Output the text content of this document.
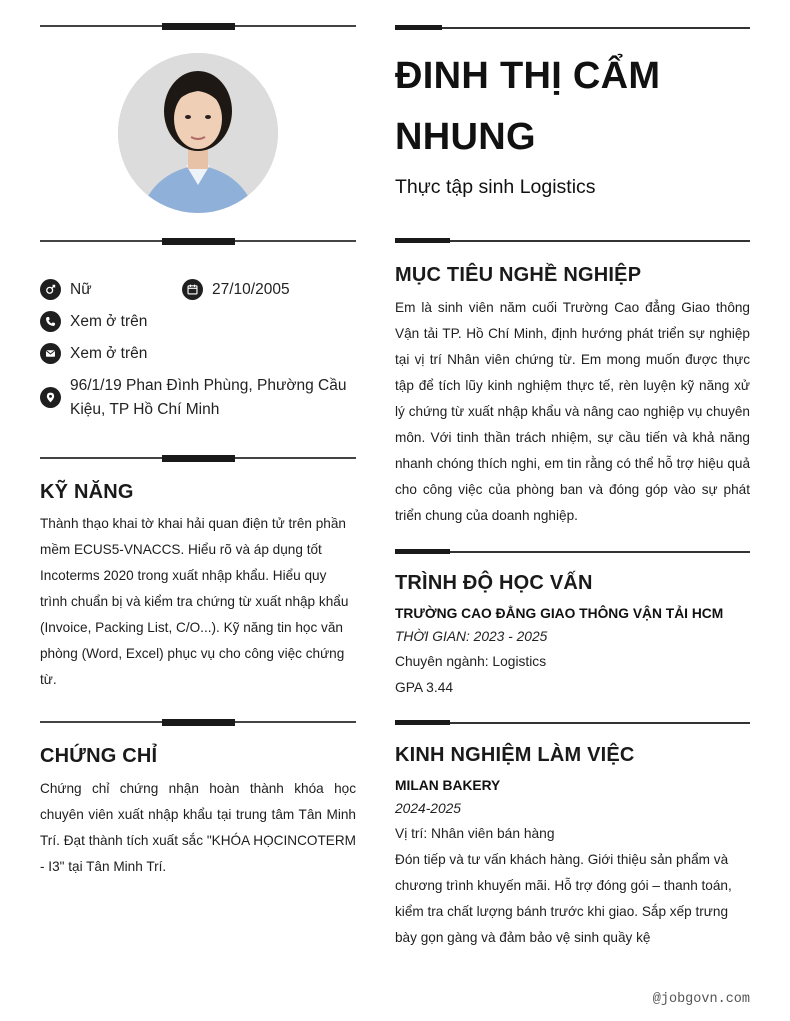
Nữ	27/10/2005
Xem ở trên
Xem ở trên
96/1/19 Phan Đình Phùng, Phường Cầu Kiệu, TP Hồ Chí Minh
KỸ NĂNG
Thành thạo khai tờ khai hải quan điện tử trên phần mềm ECUS5-VNACCS. Hiểu rõ và áp dụng tốt Incoterms 2020 trong xuất nhập khẩu. Hiểu quy trình chuẩn bị và kiểm tra chứng từ xuất nhập khẩu (Invoice, Packing List, C/O...). Kỹ năng tin học văn phòng (Word, Excel) phục vụ cho công việc chứng từ.
CHỨNG CHỈ
Chứng chỉ chứng nhận hoàn thành khóa học chuyên viên xuất nhập khẩu tại trung tâm Tân Minh Trí. Đạt thành tích xuất sắc "KHÓA HỌCINCOTERM - I3" tại Tân Minh Trí.
ĐINH THỊ CẨM NHUNG
Thực tập sinh Logistics
MỤC TIÊU NGHỀ NGHIỆP
Em là sinh viên năm cuối Trường Cao đẳng Giao thông Vận tải TP. Hồ Chí Minh, định hướng phát triển sự nghiệp tại vị trí Nhân viên chứng từ. Em mong muốn được thực tập để tích lũy kinh nghiệm thực tế, rèn luyện kỹ năng xử lý chứng từ xuất nhập khẩu và nâng cao nghiệp vụ chuyên môn. Với tinh thần trách nhiệm, sự cầu tiến và khả năng nhanh chóng thích nghi, em tin rằng có thể hỗ trợ hiệu quả cho công việc của phòng ban và đóng góp vào sự phát triển chung của doanh nghiệp.
TRÌNH ĐỘ HỌC VẤN
TRƯỜNG CAO ĐẲNG GIAO THÔNG VẬN TẢI HCM
THỜI GIAN: 2023 - 2025
Chuyên ngành: Logistics
GPA 3.44
KINH NGHIỆM LÀM VIỆC
MILAN BAKERY
2024-2025
Vị trí: Nhân viên bán hàng
Đón tiếp và tư vấn khách hàng. Giới thiệu sản phẩm và chương trình khuyến mãi. Hỗ trợ đóng gói – thanh toán, kiểm tra chất lượng bánh trước khi giao. Sắp xếp trưng bày gọn gàng và đảm bảo vệ sinh quầy kệ
@jobgovn.com
